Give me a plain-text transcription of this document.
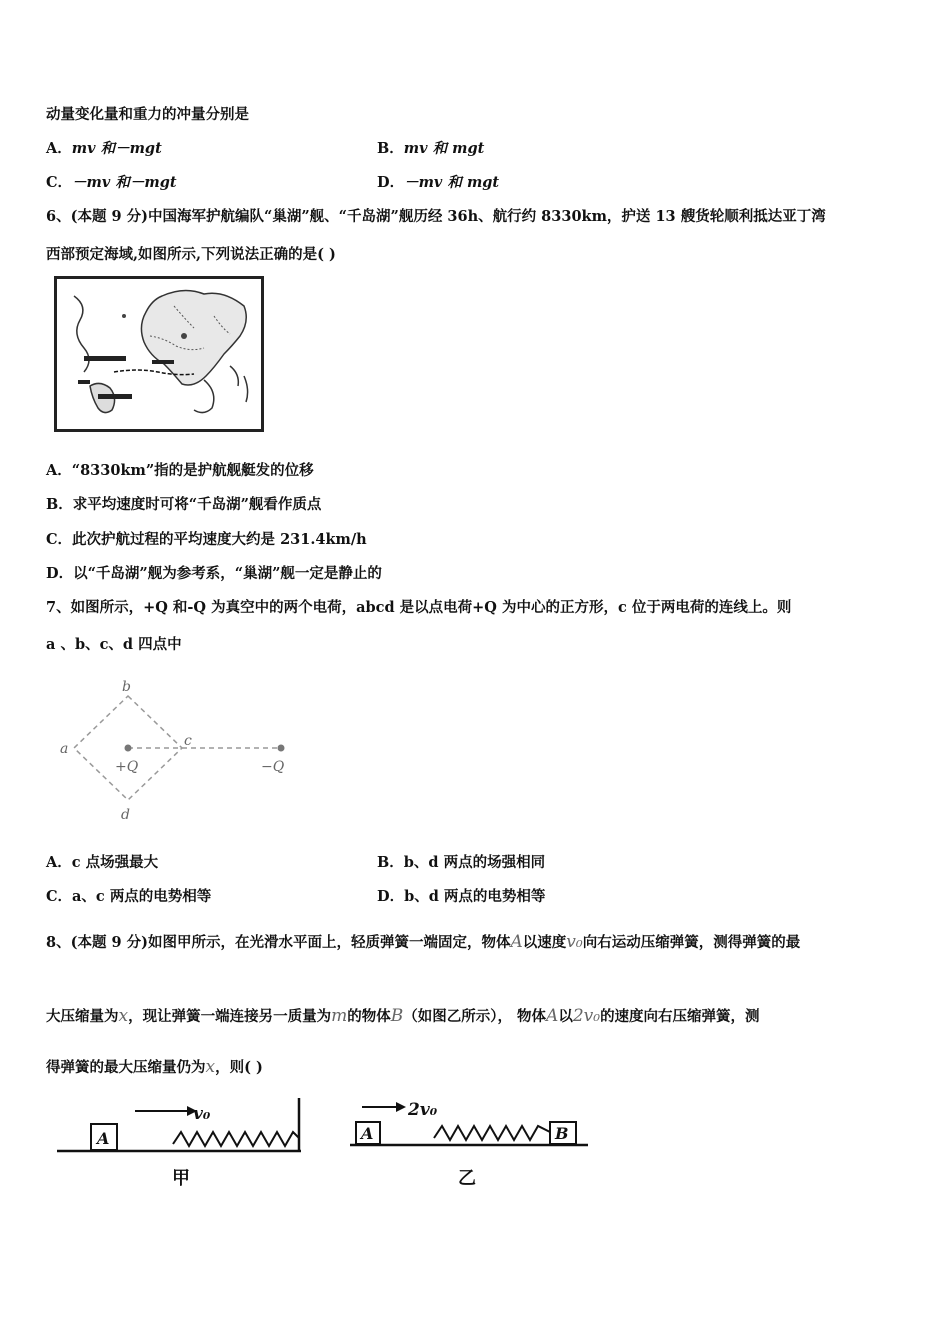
动量变化量和重力的冲量分别是
A．mv 和－mgt	B．mv 和 mgt
C．－mv 和－mgt	D．－mv 和 mgt
6、(本题 9 分)中国海军护航编队“巢湖”舰、“千岛湖”舰历经 36h、航行约 8330km，护送 13 艘货轮顺利抵达亚丁湾
西部预定海域,如图所示,下列说法正确的是( )
A．“8330km”指的是护航舰艇发的位移
B．求平均速度时可将“千岛湖”舰看作质点
C．此次护航过程的平均速度大约是 231.4km/h
D．以“千岛湖”舰为参考系，“巢湖”舰一定是静止的
7、如图所示，+Q 和-Q 为真空中的两个电荷，abcd 是以点电荷+Q 为中心的正方形，c 位于两电荷的连线上。则
a 、b、c、d 四点中
b
a	c
d
+Q	−Q
A．c 点场强最大	B．b、d 两点的场强相同
C．a、c 两点的电势相等	D．b、d 两点的电势相等
8、(本题 9 分)如图甲所示，在光滑水平面上，轻质弹簧一端固定，物体A以速度v₀向右运动压缩弹簧，测得弹簧的最
大压缩量为x，现让弹簧一端连接另一质量为m的物体B（如图乙所示）， 物体A以2v₀的速度向右压缩弹簧，测
得弹簧的最大压缩量仍为x，则( )
A
v₀
甲
A	B
2v₀
乙
